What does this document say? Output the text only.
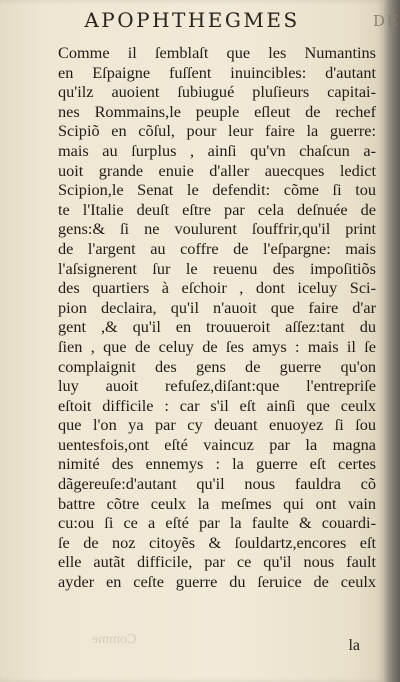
APOPHTHEGMES
Comme il ſemblaſt que les Numantins
en Eſpaigne fuſſent inuincibles: d'autant
qu'ilz auoient ſubiugué pluſieurs capitai-
nes Rommains,le peuple eſleut de rechef
Scipiõ en cõſul, pour leur faire la guerre:
mais au ſurplus , ainſi qu'vn chaſcun a-
uoit grande enuie d'aller auecques ledict
Scipion,le Senat le defendit: cõme ſi tou
te l'Italie deuſt eſtre par cela deſnuée de
gens:& ſi ne voulurent ſouffrir,qu'il print
de l'argent au coffre de l'eſpargne: mais
l'aſsignerent ſur le reuenu des impoſitiõs
des quartiers à eſchoir , dont iceluy Sci-
pion declaira, qu'il n'auoit que faire d'ar
gent ,& qu'il en trouueroit aſſez:tant du
ſien , que de celuy de ſes amys : mais il ſe
complaignit des gens de guerre qu'on
luy auoit refuſez,diſant:que l'entrepriſe
eſtoit difficile : car s'il eſt ainſi que ceulx
que l'on ya par cy deuant enuoyez ſi ſou
uentesfois,ont eſté vaincuz par la magna
nimité des ennemys : la guerre eſt certes
dãgereuſe:d'autant qu'il nous fauldra cõ
battre cõtre ceulx la meſmes qui ont vain
cu:ou ſi ce a eſté par la faulte & couardi-
ſe de noz citoyẽs & ſouldartz,encores eſt
elle autãt difficile, par ce qu'il nous fault
ayder en ceſte guerre du ſeruice de ceulx
Comme	la
DE
